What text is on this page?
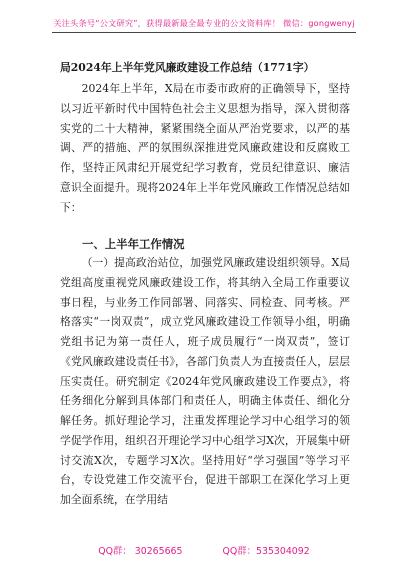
关注头条号“公文研究”，获得最新最全最专业的公文资料库！ 微信：gongwenyj
局2024年上半年党风廉政建设工作总结（1771字）
2024年上半年，X局在市委市政府的正确领导下，坚持以习近平新时代中国特色社会主义思想为指导，深入贯彻落实党的二十大精神，紧紧围绕全面从严治党要求，以严的基调、严的措施、严的氛围纵深推进党风廉政建设和反腐败工作，坚持正风肃纪开展党纪学习教育，党员纪律意识、廉洁意识全面提升。现将2024年上半年党风廉政工作情况总结如下：
一、上半年工作情况
（一）提高政治站位，加强党风廉政建设组织领导。X局党组高度重视党风廉政建设工作，将其纳入全局工作重要议事日程，与业务工作同部署、同落实、同检查、同考核。严格落实“一岗双责”，成立党风廉政建设工作领导小组，明确党组书记为第一责任人，班子成员履行“一岗双责”，签订《党风廉政建设责任书》，各部门负责人为直接责任人，层层压实责任。研究制定《2024年党风廉政建设工作要点》，将任务细化分解到具体部门和责任人，明确主体责任、细化分解任务。抓好理论学习，注重发挥理论学习中心组学习的领学促学作用，组织召开理论学习中心组学习X次，开展集中研讨交流X次，专题学习X次。坚持用好“学习强国”等学习平台，专设党建工作交流平台，促进干部职工在深化学习上更加全面系统，在学用结
QQ群： 30265665	QQ群：535304092
